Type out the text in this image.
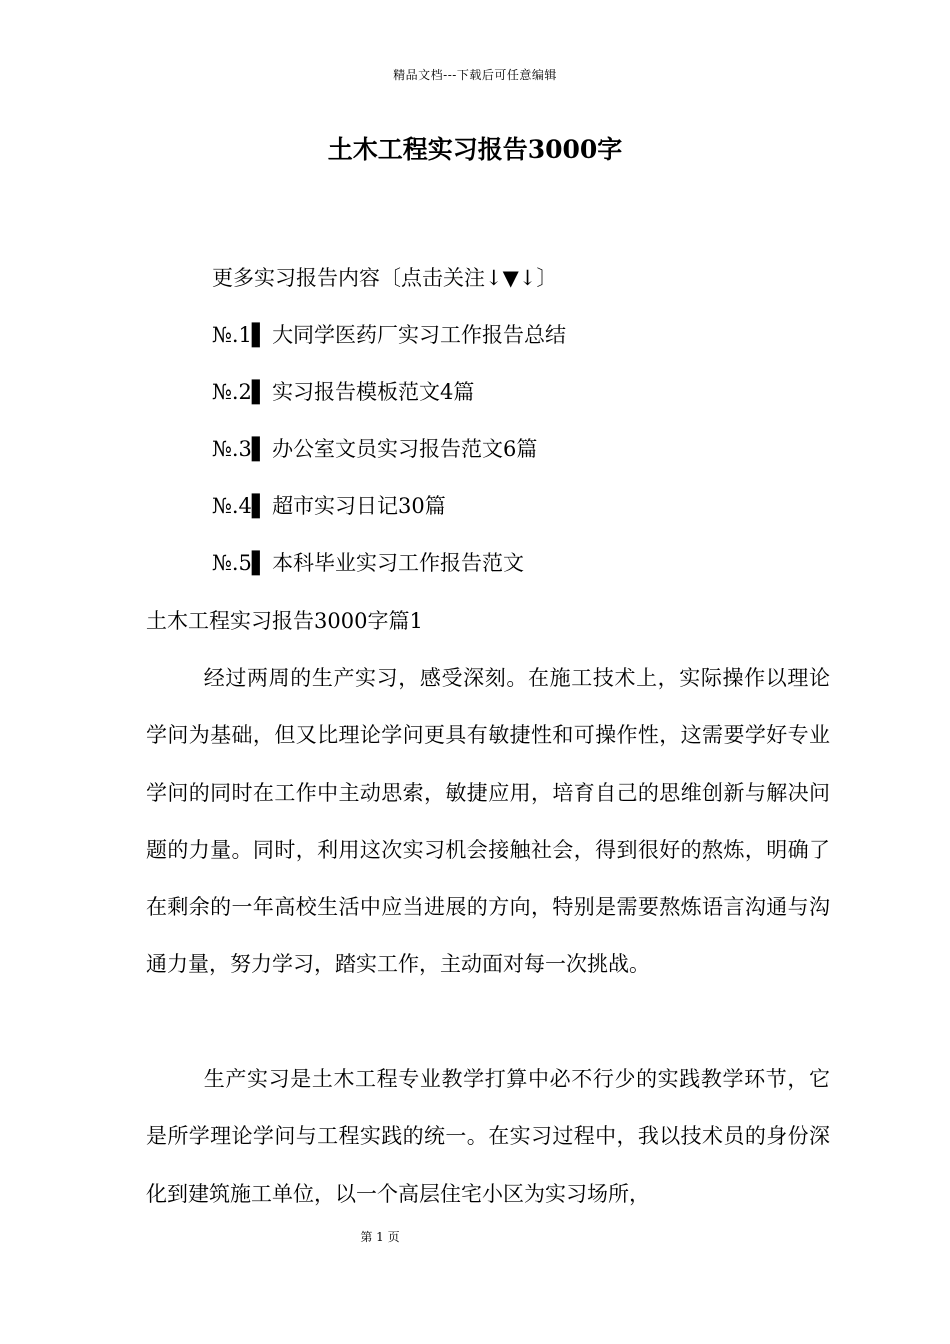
精品文档---下载后可任意编辑
土木工程实习报告3000字
更多实习报告内容〔点击关注↓▼↓〕
№.1▌ 大同学医药厂实习工作报告总结
№.2▌ 实习报告模板范文4篇
№.3▌ 办公室文员实习报告范文6篇
№.4▌ 超市实习日记30篇
№.5▌ 本科毕业实习工作报告范文
土木工程实习报告3000字篇1

经过两周的生产实习，感受深刻。在施工技术上，实际操作以理论学问为基础，但又比理论学问更具有敏捷性和可操作性，这需要学好专业学问的同时在工作中主动思索，敏捷应用，培育自己的思维创新与解决问题的力量。同时，利用这次实习机会接触社会，得到很好的熬炼，明确了在剩余的一年高校生活中应当进展的方向，特别是需要熬炼语言沟通与沟通力量，努力学习，踏实工作，主动面对每一次挑战。

生产实习是土木工程专业教学打算中必不行少的实践教学环节，它是所学理论学问与工程实践的统一。在实习过程中，我以技术员的身份深化到建筑施工单位，以一个高层住宅小区为实习场所，

第 1 页
